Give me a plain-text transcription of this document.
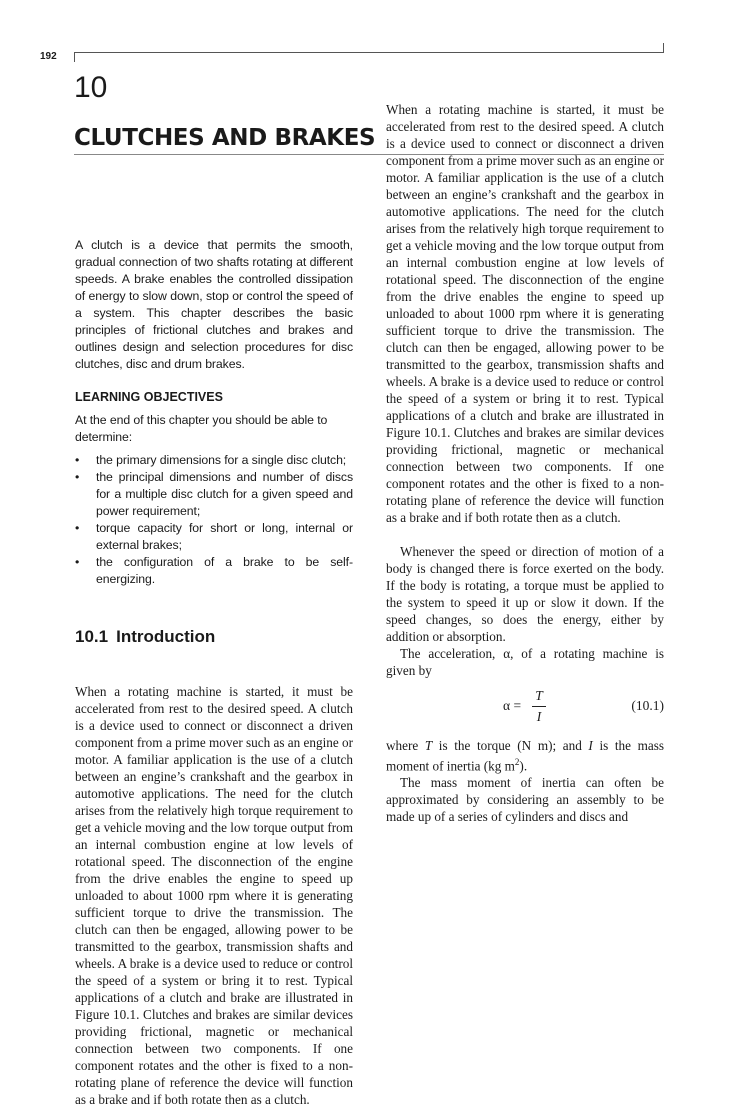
192
10
CLUTCHES AND BRAKES

A clutch is a device that permits the smooth, gradual connection of two shafts rotating at different speeds. A brake enables the controlled dissipation of energy to slow down, stop or control the speed of a system. This chapter describes the basic principles of frictional clutches and brakes and outlines design and selection procedures for disc clutches, disc and drum brakes.

LEARNING OBJECTIVES

At the end of this chapter you should be able to determine:

• the primary dimensions for a single disc clutch;
• the principal dimensions and number of discs for a multiple disc clutch for a given speed and power requirement;
• torque capacity for short or long, internal or external brakes;
• the configuration of a brake to be self-energizing.
10.1 Introduction

When a rotating machine is started, it must be accelerated from rest to the desired speed. A clutch is a device used to connect or disconnect a driven component from a prime mover such as an engine or motor. A familiar application is the use of a clutch between an engine’s crankshaft and the gearbox in automotive applications. The need for the clutch arises from the relatively high torque requirement to get a vehicle moving and the low torque output from an internal combustion engine at low levels of rotational speed. The disconnection of the engine from the drive enables the engine to speed up unloaded to about 1000 rpm where it is generating sufficient torque to drive the transmission. The clutch can then be engaged, allowing power to be transmitted to the gearbox, transmission shafts and wheels. A brake is a device used to reduce or control the speed of a system or bring it to rest. Typical applications of a clutch and brake are illustrated in Figure 10.1. Clutches and brakes are similar devices providing frictional, magnetic or mechanical connection between two components. If one component rotates and the other is fixed to a non-rotating plane of reference the device will function as a brake and if both rotate then as a clutch.

When a rotating machine is started, it must be accelerated from rest to the desired speed. A clutch is a device used to connect or disconnect a driven component from a prime mover such as an engine or motor. A familiar application is the use of a clutch between an engine’s crankshaft and the gearbox in automotive applications. The need for the clutch arises from the relatively high torque requirement to get a vehicle moving and the low torque output from an internal combustion engine at low levels of rotational speed. The disconnection of the engine from the drive enables the engine to speed up unloaded to about 1000 rpm where it is generating sufficient torque to drive the transmission. The clutch can then be engaged, allowing power to be transmitted to the gearbox, transmission shafts and wheels. A brake is a device used to reduce or control the speed of a system or bring it to rest. Typical applications of a clutch and brake are illustrated in Figure 10.1. Clutches and brakes are similar devices providing frictional, magnetic or mechanical connection between two components. If one component rotates and the other is fixed to a non-rotating plane of reference the device will function as a brake and if both rotate then as a clutch.

Whenever the speed or direction of motion of a body is changed there is force exerted on the body. If the body is rotating, a torque must be applied to the system to speed it up or slow it down. If the speed changes, so does the energy, either by addition or absorption.

The acceleration, α, of a rotating machine is given by

α =
T
I
(10.1)

where T is the torque (N m); and I is the mass moment of inertia (kg $m^2$).

The mass moment of inertia can often be approximated by considering an assembly to be made up of a series of cylinders and discs and
